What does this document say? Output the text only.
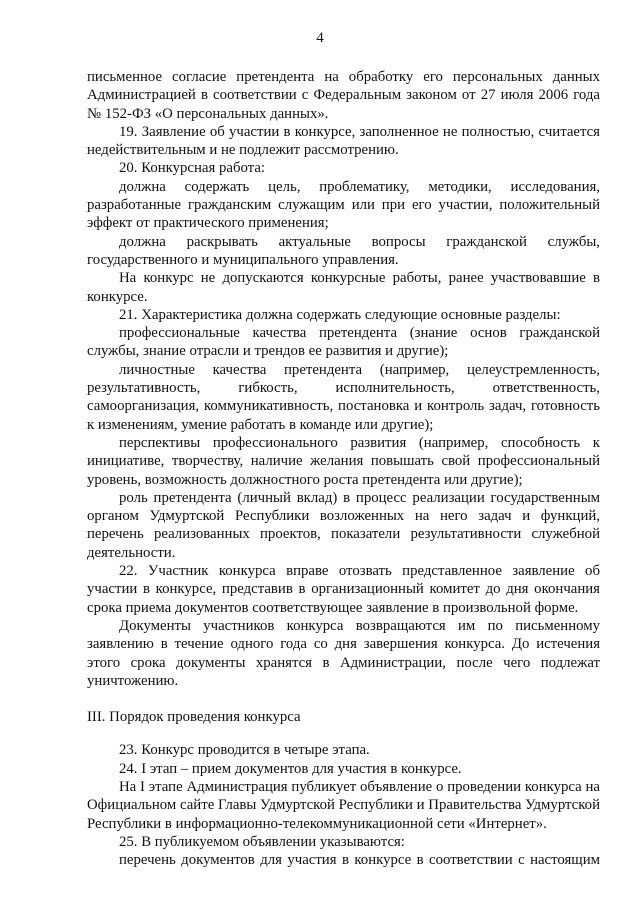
4

письменное согласие претендента на обработку его персональных данных Администрацией в соответствии с Федеральным законом от 27 июля 2006 года № 152-ФЗ «О персональных данных».

19. Заявление об участии в конкурсе, заполненное не полностью, считается недействительным и не подлежит рассмотрению.

20. Конкурсная работа:

должна содержать цель, проблематику, методики, исследования, разработанные гражданским служащим или при его участии, положительный эффект от практического применения;

должна раскрывать актуальные вопросы гражданской службы, государственного и муниципального управления.

На конкурс не допускаются конкурсные работы, ранее участвовавшие в конкурсе.

21. Характеристика должна содержать следующие основные разделы:

профессиональные качества претендента (знание основ гражданской службы, знание отрасли и трендов ее развития и другие);

личностные качества претендента (например, целеустремленность, результативность, гибкость, исполнительность, ответственность, самоорганизация, коммуникативность, постановка и контроль задач, готовность к изменениям, умение работать в команде или другие);

перспективы профессионального развития (например, способность к инициативе, творчеству, наличие желания повышать свой профессиональный уровень, возможность должностного роста претендента или другие);

роль претендента (личный вклад) в процесс реализации государственным органом Удмуртской Республики возложенных на него задач и функций, перечень реализованных проектов, показатели результативности служебной деятельности.

22. Участник конкурса вправе отозвать представленное заявление об участии в конкурсе, представив в организационный комитет до дня окончания срока приема документов соответствующее заявление в произвольной форме.

Документы участников конкурса возвращаются им по письменному заявлению в течение одного года со дня завершения конкурса. До истечения этого срока документы хранятся в Администрации, после чего подлежат уничтожению.

III. Порядок проведения конкурса

23. Конкурс проводится в четыре этапа.

24. I этап – прием документов для участия в конкурсе.

На I этапе Администрация публикует объявление о проведении конкурса на Официальном сайте Главы Удмуртской Республики и Правительства Удмуртской Республики в информационно-телекоммуникационной сети «Интернет».

25. В публикуемом объявлении указываются:

перечень документов для участия в конкурсе в соответствии с настоящим
